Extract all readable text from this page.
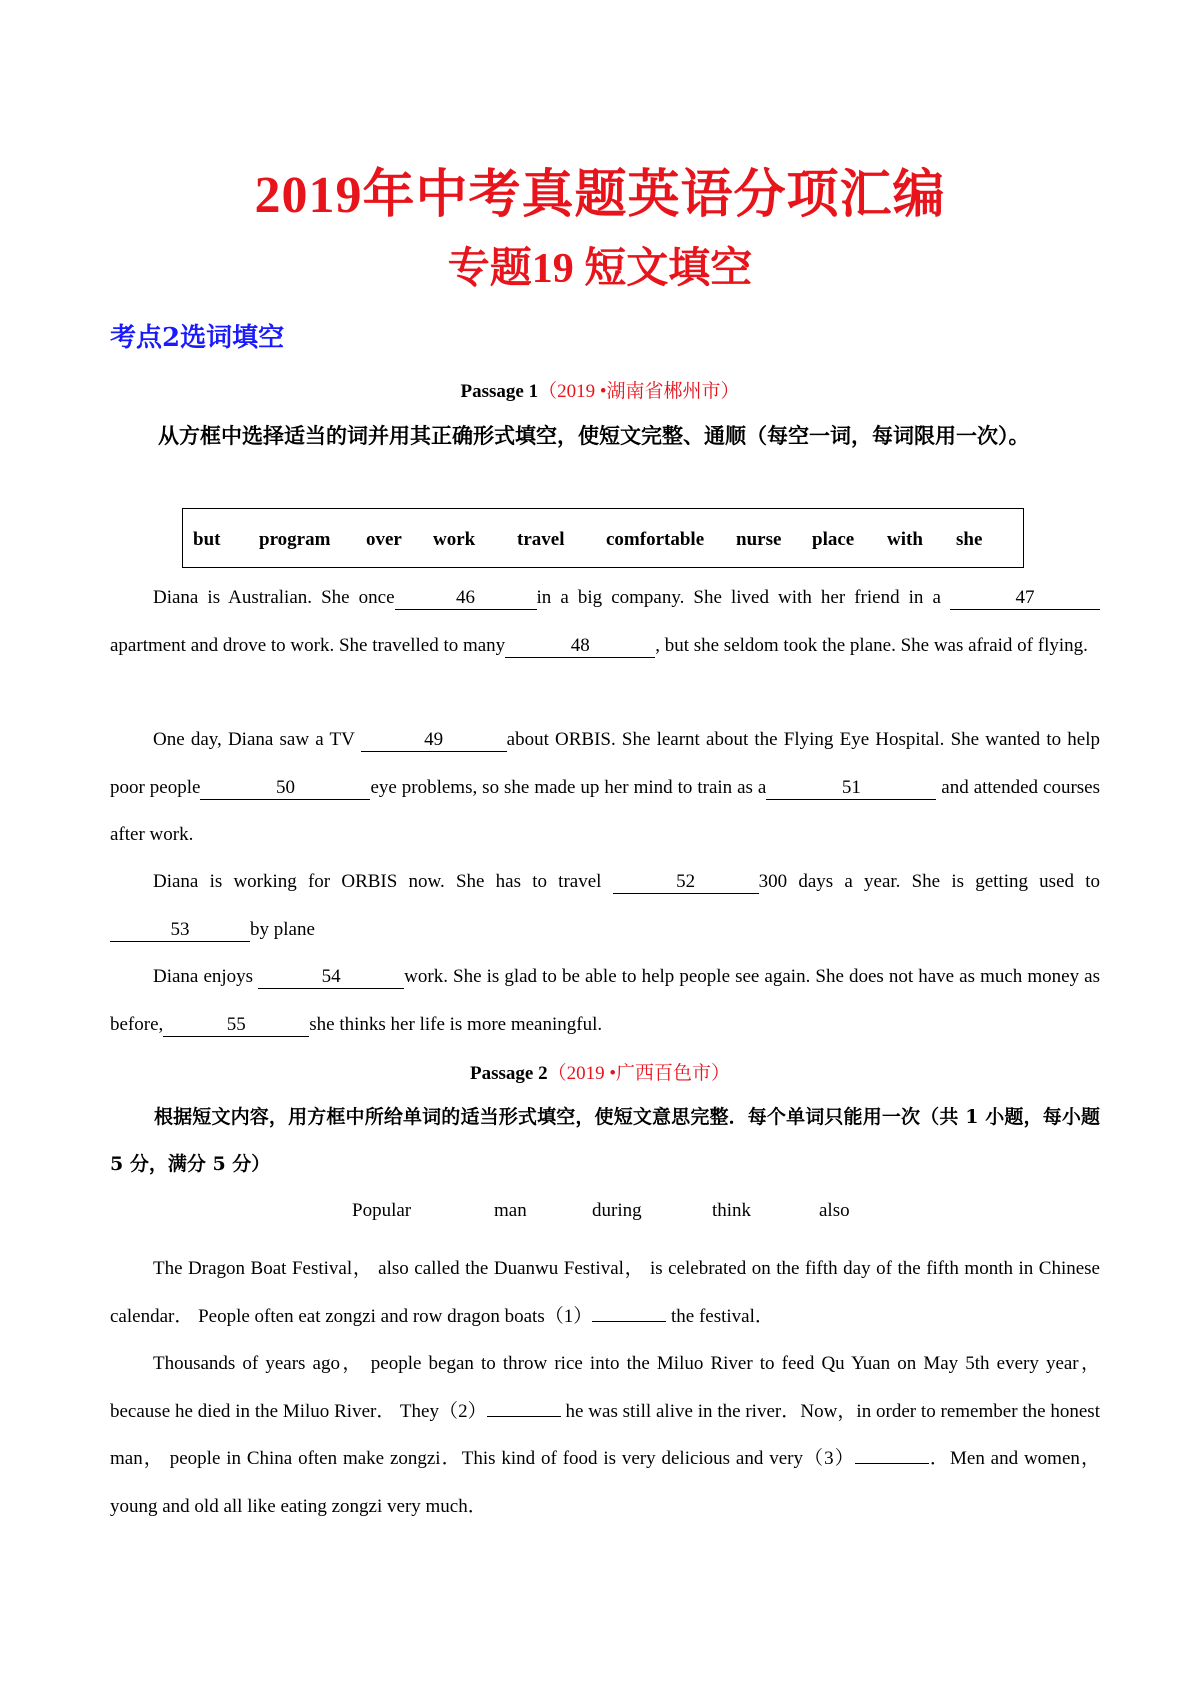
2019年中考真题英语分项汇编
专题19 短文填空
考点2选词填空
Passage 1（2019 •湖南省郴州市）
从方框中选择适当的词并用其正确形式填空，使短文完整、通顺（每空一词，每词限用一次）。
but program over work travel comfortable nurse place with she
Diana is Australian. She once	46	in a big company. She lived with her friend in a	47 apartment and drove to work. She travelled to many	48	, but she seldom took the plane. She was afraid of flying.
One day, Diana saw a TV	49	about ORBIS. She learnt about the Flying Eye Hospital. She wanted to help poor people	50	eye problems, so she made up her mind to train as a	51	and attended courses after work.
Diana is working for ORBIS now. She has to travel	52	300 days a year. She is getting used to53	by plane
Diana enjoys	54	work. She is glad to be able to help people see again. She does not have as much money as before,	55	she thinks her life is more meaningful.
Passage 2（2019 •广西百色市）
根据短文内容，用方框中所给单词的适当形式填空，使短文意思完整．每个单词只能用一次（共 1 小题，每小题 5 分，满分 5 分）
Popular	man	during	think	also
The Dragon Boat Festival， also called the Duanwu Festival， is celebrated on the fifth day of the fifth month in Chinese calendar． People often eat zongzi and row dragon boats（1）	the festival．
Thousands of years ago， people began to throw rice into the Miluo River to feed Qu Yuan on May 5th every year， because he died in the Miluo River． They（2）	he was still alive in the river．Now，in order to remember the honest man， people in China often make zongzi．This kind of food is very delicious and very（3）	．Men and women，young and old all like eating zongzi very much．
